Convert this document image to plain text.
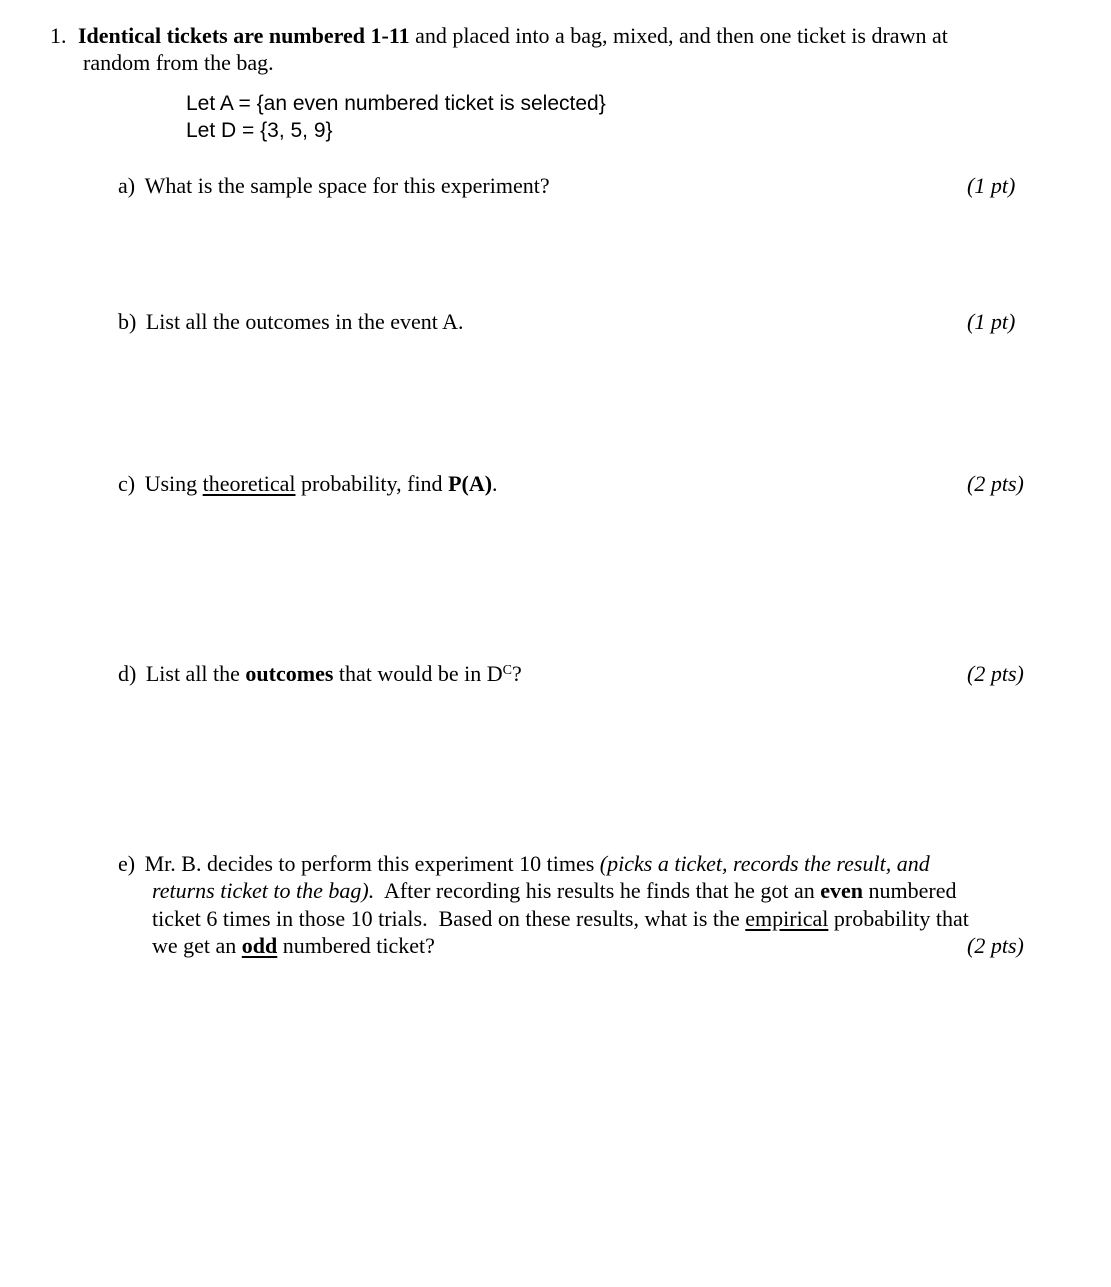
1. Identical tickets are numbered 1-11 and placed into a bag, mixed, and then one ticket is drawn at
random from the bag.
Let A = {an even numbered ticket is selected}
Let D = {3, 5, 9}
a) What is the sample space for this experiment?	(1 pt)
b) List all the outcomes in the event A.	(1 pt)
c) Using theoretical probability, find P(A).	(2 pts)
d) List all the outcomes that would be in $D^C$?	(2 pts)
e) Mr. B. decides to perform this experiment 10 times (picks a ticket, records the result, and
returns ticket to the bag).  After recording his results he finds that he got an even numbered
ticket 6 times in those 10 trials.  Based on these results, what is the empirical probability that
we get an odd numbered ticket?	(2 pts)
